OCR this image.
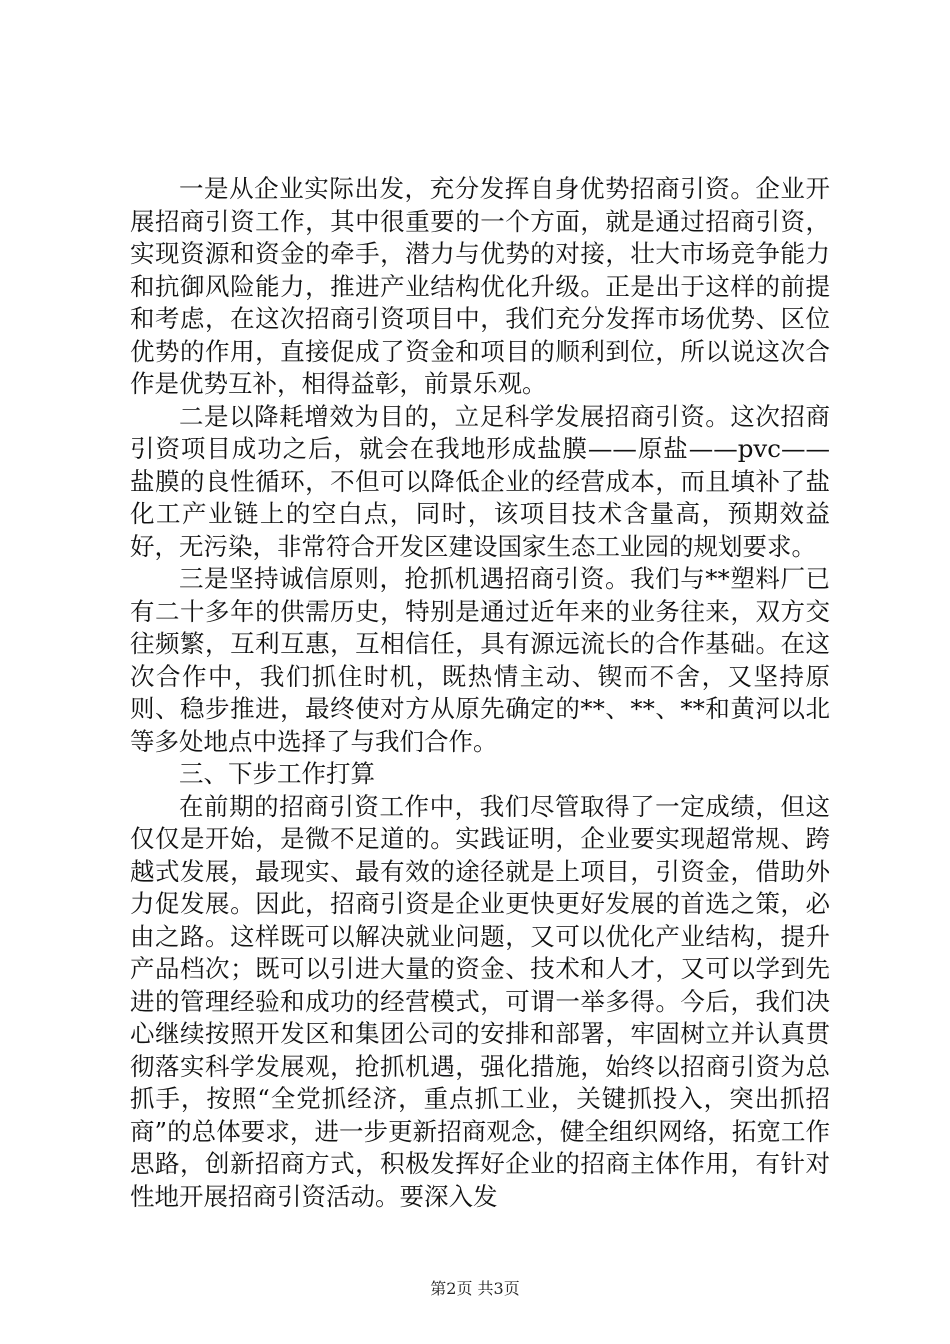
一是从企业实际出发，充分发挥自身优势招商引资。企业开展招商引资工作，其中很重要的一个方面，就是通过招商引资，实现资源和资金的牵手，潜力与优势的对接，壮大市场竞争能力和抗御风险能力，推进产业结构优化升级。正是出于这样的前提和考虑，在这次招商引资项目中，我们充分发挥市场优势、区位优势的作用，直接促成了资金和项目的顺利到位，所以说这次合作是优势互补，相得益彰，前景乐观。

二是以降耗增效为目的，立足科学发展招商引资。这次招商引资项目成功之后，就会在我地形成盐膜——原盐——pvc——盐膜的良性循环，不但可以降低企业的经营成本，而且填补了盐化工产业链上的空白点，同时，该项目技术含量高，预期效益好，无污染，非常符合开发区建设国家生态工业园的规划要求。

三是坚持诚信原则，抢抓机遇招商引资。我们与**塑料厂已有二十多年的供需历史，特别是通过近年来的业务往来，双方交往频繁，互利互惠，互相信任，具有源远流长的合作基础。在这次合作中，我们抓住时机，既热情主动、锲而不舍，又坚持原则、稳步推进，最终使对方从原先确定的**、**、**和黄河以北等多处地点中选择了与我们合作。

三、下步工作打算

在前期的招商引资工作中，我们尽管取得了一定成绩，但这仅仅是开始，是微不足道的。实践证明，企业要实现超常规、跨越式发展，最现实、最有效的途径就是上项目，引资金，借助外力促发展。因此，招商引资是企业更快更好发展的首选之策，必由之路。这样既可以解决就业问题，又可以优化产业结构，提升产品档次；既可以引进大量的资金、技术和人才，又可以学到先进的管理经验和成功的经营模式，可谓一举多得。今后，我们决心继续按照开发区和集团公司的安排和部署，牢固树立并认真贯彻落实科学发展观，抢抓机遇，强化措施，始终以招商引资为总抓手，按照“全党抓经济，重点抓工业，关键抓投入，突出抓招商”的总体要求，进一步更新招商观念，健全组织网络，拓宽工作思路，创新招商方式，积极发挥好企业的招商主体作用，有针对性地开展招商引资活动。要深入发

第2页 共3页
